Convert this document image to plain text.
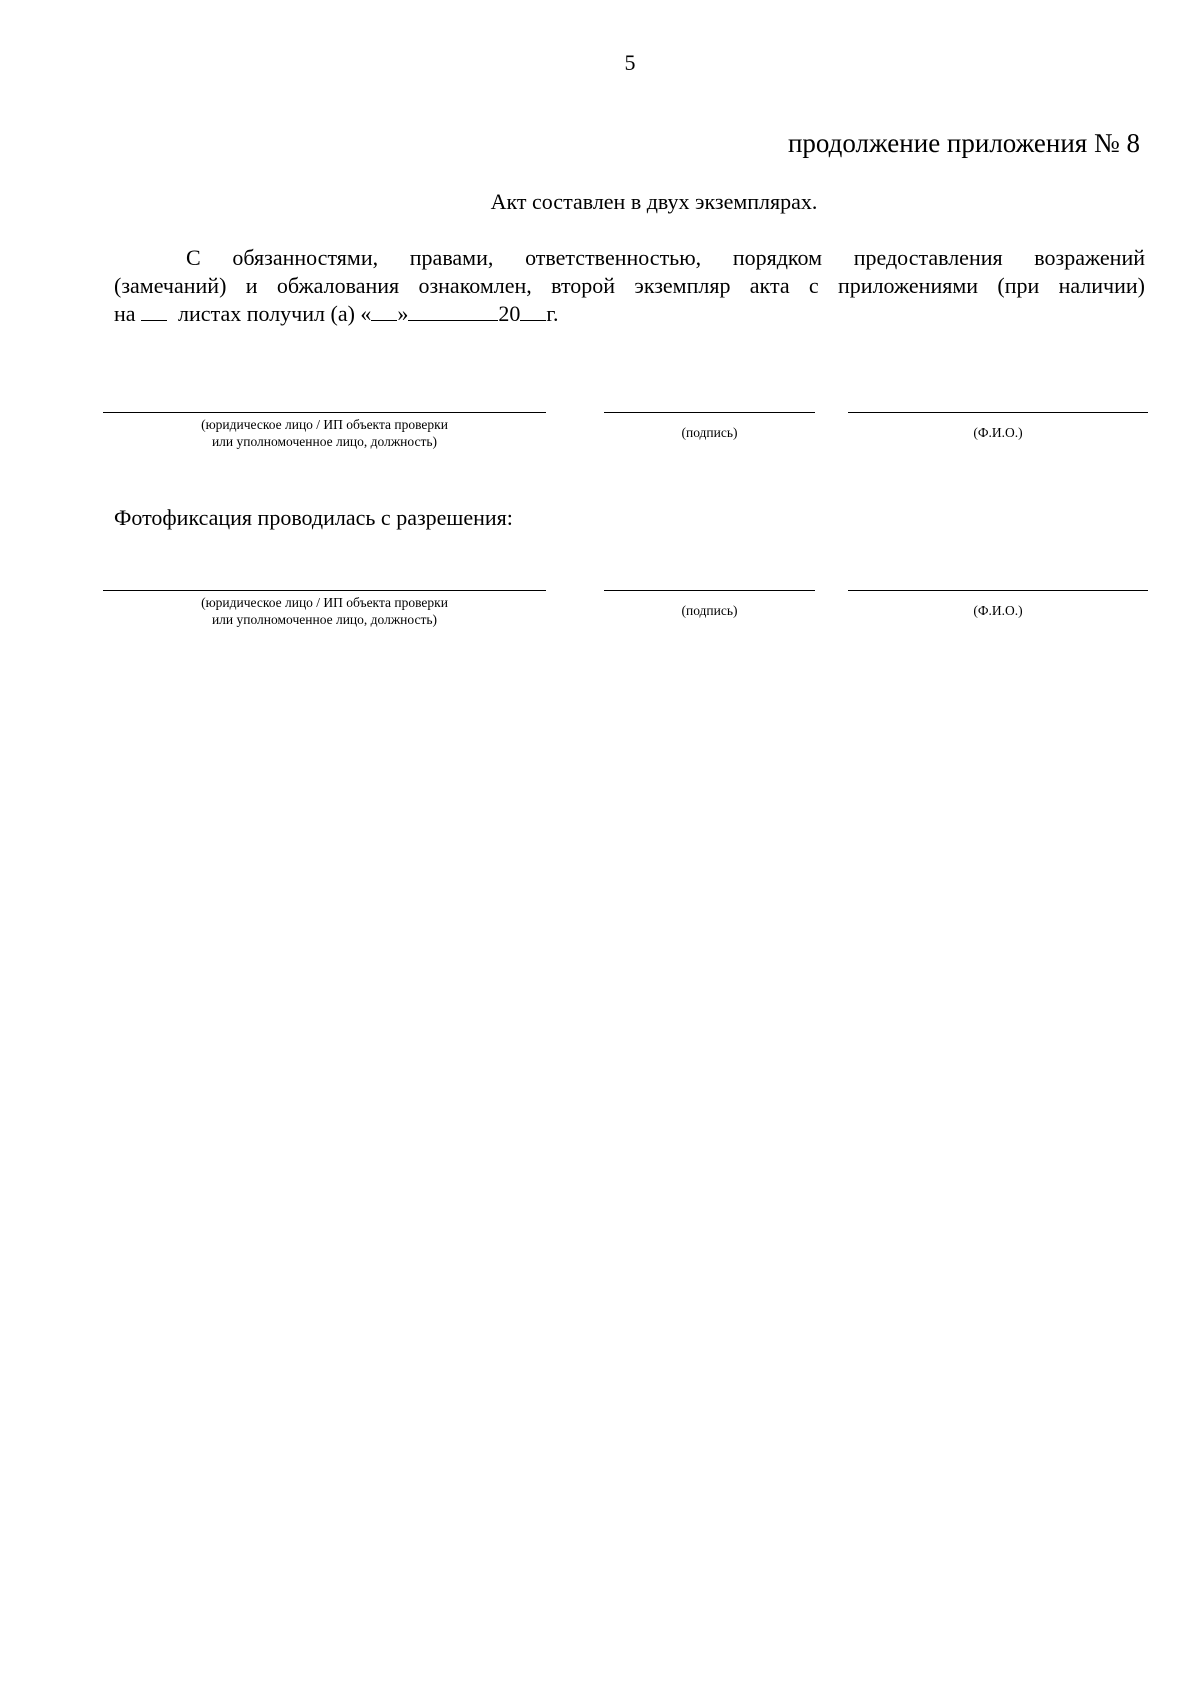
5
продолжение приложения № 8
Акт составлен в двух экземплярах.
С обязанностями, правами, ответственностью, порядком предоставления возражений
(замечаний) и обжалования ознакомлен, второй экземпляр акта с приложениями (при наличии)
на листах получил (а) « »	20 г.
(юридическое лицо / ИП объекта проверки
или уполномоченное лицо, должность)
(подпись)	(Ф.И.О.)
Фотофиксация проводилась с разрешения:
(юридическое лицо / ИП объекта проверки
или уполномоченное лицо, должность)
(подпись)	(Ф.И.О.)
